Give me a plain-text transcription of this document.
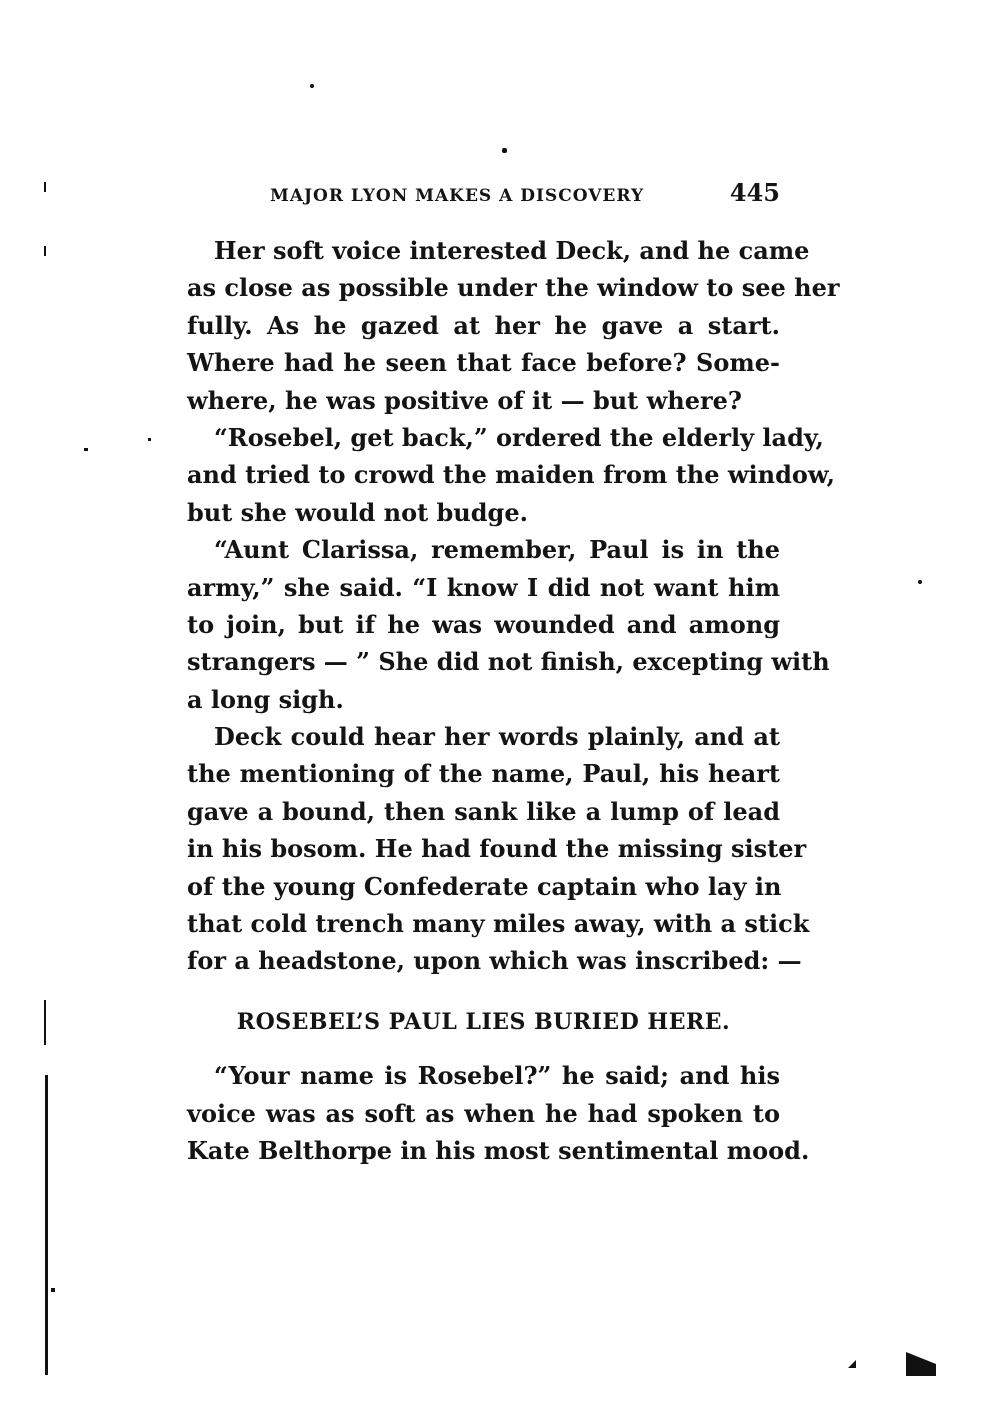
MAJOR LYON MAKES A DISCOVERY	445
Her soft voice interested Deck, and he came
as close as possible under the window to see her
fully. As he gazed at her he gave a start.
Where had he seen that face before? Some-
where, he was positive of it — but where?
“Rosebel, get back,” ordered the elderly lady,
and tried to crowd the maiden from the window,
but she would not budge.
“Aunt Clarissa, remember, Paul is in the
army,” she said. “I know I did not want him
to join, but if he was wounded and among
strangers — ” She did not finish, excepting with
a long sigh.
Deck could hear her words plainly, and at
the mentioning of the name, Paul, his heart
gave a bound, then sank like a lump of lead
in his bosom. He had found the missing sister
of the young Confederate captain who lay in
that cold trench many miles away, with a stick
for a headstone, upon which was inscribed: —
ROSEBEL’S PAUL LIES BURIED HERE.
“Your name is Rosebel?” he said; and his
voice was as soft as when he had spoken to
Kate Belthorpe in his most sentimental mood.
